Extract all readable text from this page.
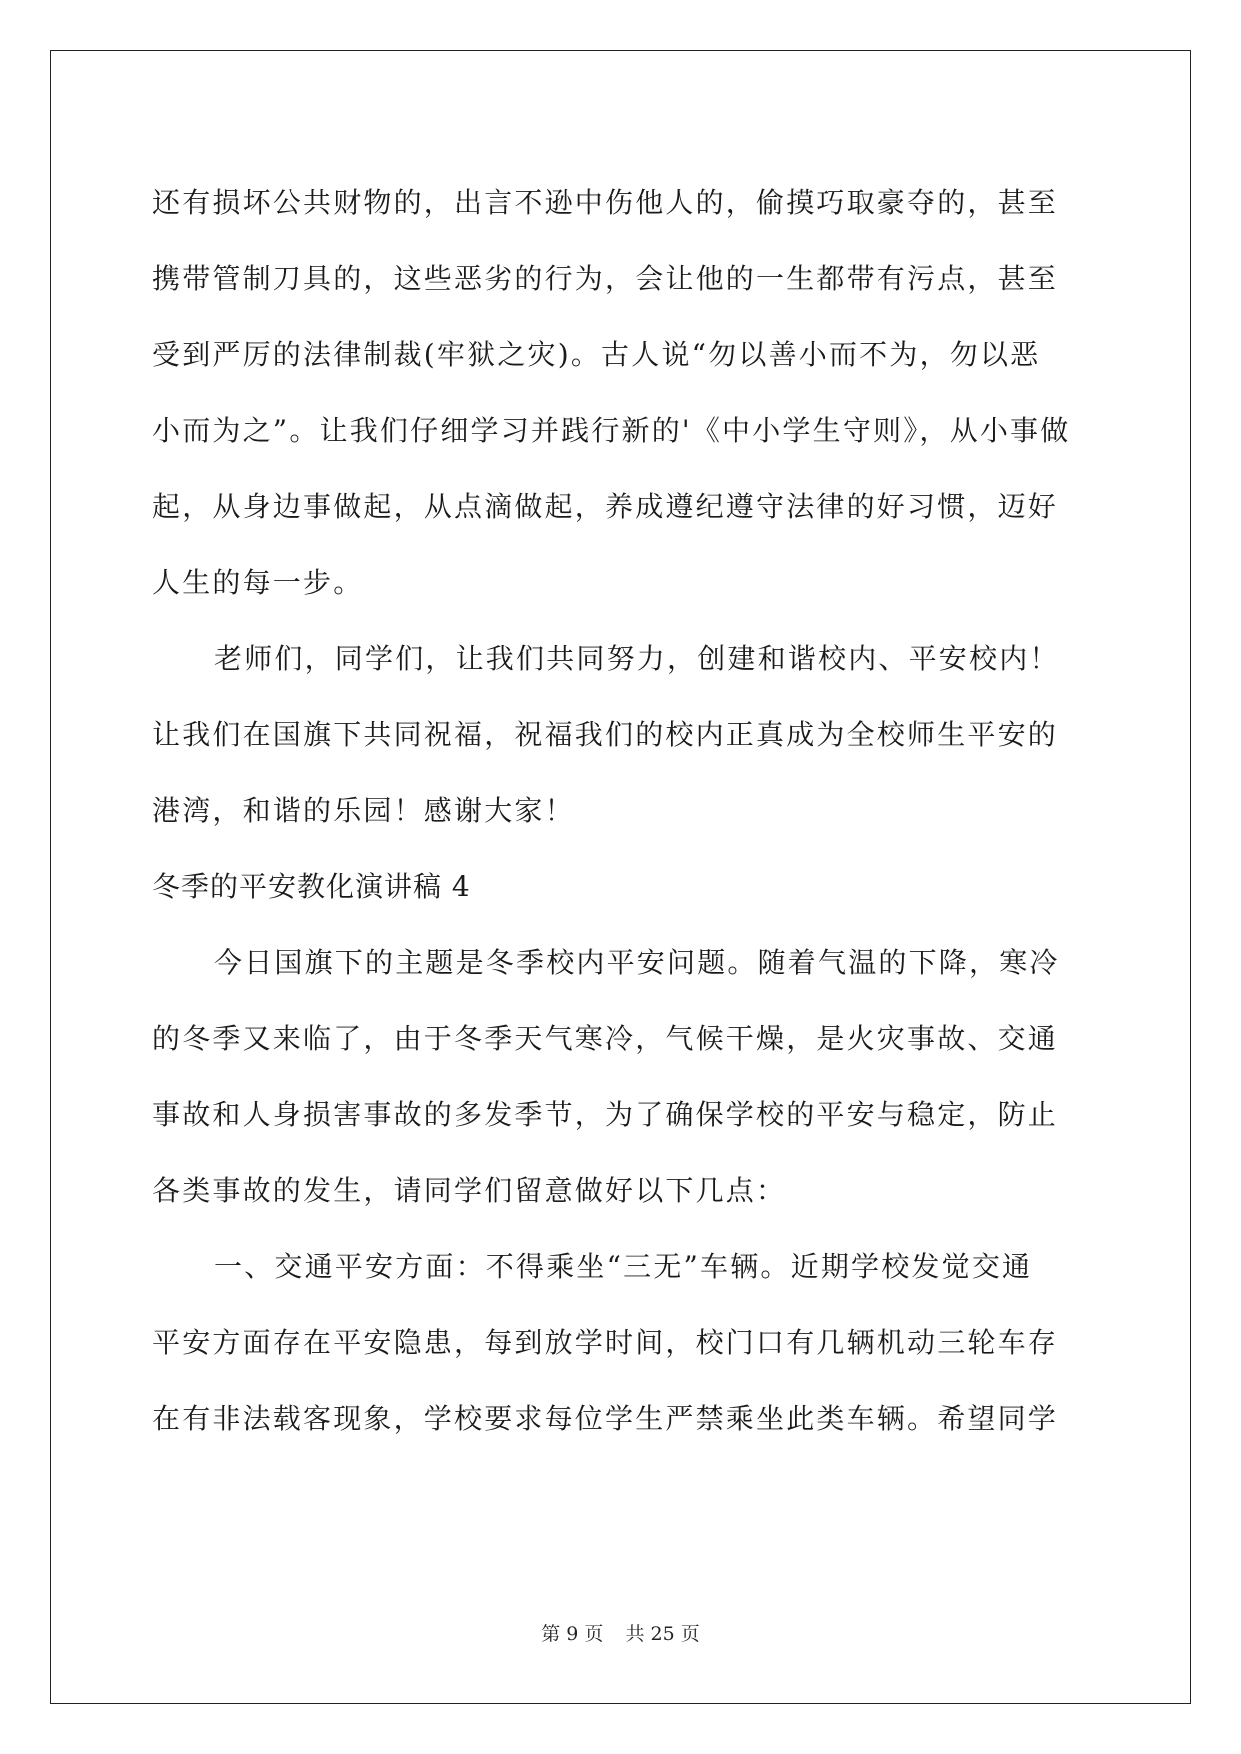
还有损坏公共财物的，出言不逊中伤他人的，偷摸巧取豪夺的，甚至

携带管制刀具的，这些恶劣的行为，会让他的一生都带有污点，甚至

受到严厉的法律制裁(牢狱之灾)。古人说“勿以善小而不为，勿以恶

小而为之”。让我们仔细学习并践行新的'《中小学生守则》，从小事做

起，从身边事做起，从点滴做起，养成遵纪遵守法律的好习惯，迈好

人生的每一步。

老师们，同学们，让我们共同努力，创建和谐校内、平安校内！

让我们在国旗下共同祝福，祝福我们的校内正真成为全校师生平安的

港湾，和谐的乐园！感谢大家！

冬季的平安教化演讲稿 4

今日国旗下的主题是冬季校内平安问题。随着气温的下降，寒冷

的冬季又来临了，由于冬季天气寒冷，气候干燥，是火灾事故、交通

事故和人身损害事故的多发季节，为了确保学校的平安与稳定，防止

各类事故的发生，请同学们留意做好以下几点：

一、交通平安方面：不得乘坐“三无”车辆。近期学校发觉交通

平安方面存在平安隐患，每到放学时间，校门口有几辆机动三轮车存

在有非法载客现象，学校要求每位学生严禁乘坐此类车辆。希望同学

第 9 页 共 25 页
